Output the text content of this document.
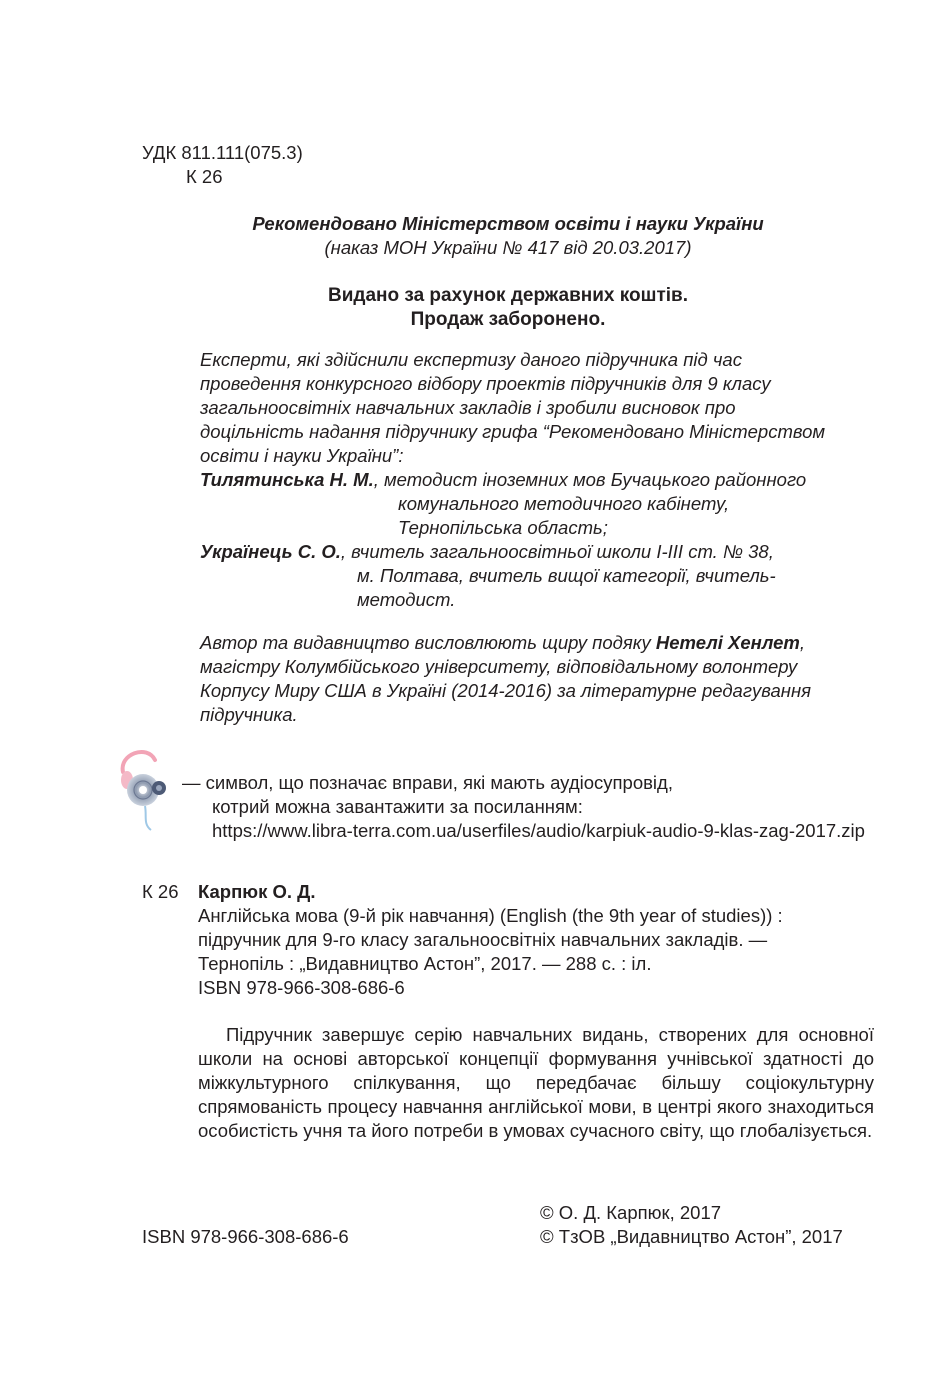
УДК 811.111(075.3)
К 26
Рекомендовано Міністерством освіти і науки України
(наказ МОН України № 417 від 20.03.2017)
Видано за рахунок державних коштів.
Продаж заборонено.
Експерти, які здійснили експертизу даного підручника під час
проведення конкурсного відбору проектів підручників для 9 класу
загальноосвітніх навчальних закладів і зробили висновок про
доцільність надання підручнику грифа “Рекомендовано Міністерством
освіти і науки України”:
Тилятинська Н. М., методист іноземних мов Бучацького районного
комунального методичного кабінету,
Тернопільська область;
Українець С. О., вчитель загальноосвітньої школи І-ІІІ ст. № 38,
м. Полтава, вчитель вищої категорії, вчитель-
методист.
Автор та видавництво висловлюють щиру подяку Нетелі Хенлет,
магістру Колумбійського університету, відповідальному волонтеру
Корпусу Миру США в Україні (2014-2016) за літературне редагування
підручника.
— символ, що позначає вправи, які мають аудіосупровід,
котрий можна завантажити за посиланням:
https://www.libra-terra.com.ua/userfiles/audio/karpiuk-audio-9-klas-zag-2017.zip
К 26 Карпюк О. Д.
Англійська мова (9-й рік навчання) (English (the 9th year of studies)) :
підручник для 9-го класу загальноосвітніх навчальних закладів. —
Тернопіль : „Видавництво Астон”, 2017. — 288 с. : іл.
ISBN 978-966-308-686-6
Підручник завершує серію навчальних видань, створених для основної школи на основі авторської концепції формування учнівської здатності до міжкультурного спілкування, що передбачає більшу соціокультурну спрямованість процесу навчання англійської мови, в центрі якого знаходиться особистість учня та його потреби в умовах сучасного світу, що глобалізується.
ISBN 978-966-308-686-6
© О. Д. Карпюк, 2017
© ТзОВ „Видавництво Астон”, 2017
